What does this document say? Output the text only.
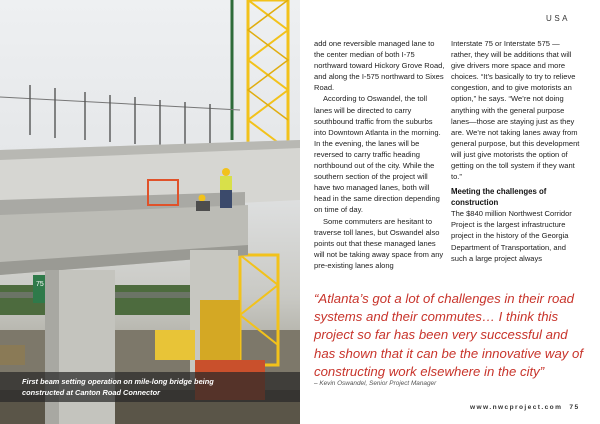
75
First beam setting operation on mile-long bridge being
constructed at Canton Road Connector
USA

add one reversible managed lane to the center median of both I-75 northward toward Hickory Grove Road, and along the I-575 northward to Sixes Road.

According to Oswandel, the toll lanes will be directed to carry southbound traffic from the suburbs into Downtown Atlanta in the morning. In the evening, the lanes will be reversed to carry traffic heading northbound out of the city. While the southern section of the project will have two managed lanes, both will head in the same direction depending on time of day.

Some commuters are hesitant to traverse toll lanes, but Oswandel also points out that these managed lanes will not be taking away space from any pre-existing lanes along

Interstate 75 or Interstate 575 — rather, they will be additions that will give drivers more space and more choices. “It’s basically to try to relieve congestion, and to give motorists an option,” he says. “We’re not doing anything with the general purpose lanes—those are staying just as they are. We’re not taking lanes away from general purpose, but this development will just give motorists the option of getting on the toll system if they want to.”

Meeting the challenges of construction

The $840 million Northwest Corridor Project is the largest infrastructure project in the history of the Georgia Department of Transportation, and such a large project always

“Atlanta’s got a lot of challenges in their road systems and their commutes… I think this project so far has been very successful and has shown that it can be the innovative way of constructing work elsewhere in the city”
– Kevin Oswandel, Senior Project Manager
www.nwcproject.com 75
